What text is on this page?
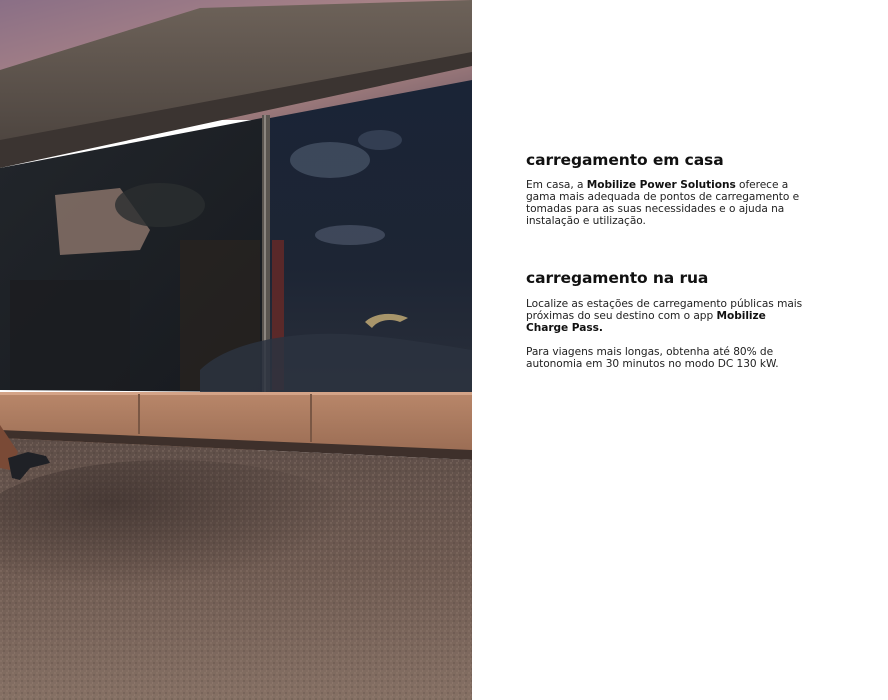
carregamento em casa

Em casa, a Mobilize Power Solutions oferece a gama mais adequada de pontos de carregamento e tomadas para as suas necessidades e o ajuda na instalação e utilização.

carregamento na rua

Localize as estações de carregamento públicas mais próximas do seu destino com o app Mobilize Charge Pass.

Para viagens mais longas, obtenha até 80% de autonomia em 30 minutos no modo DC 130 kW.
